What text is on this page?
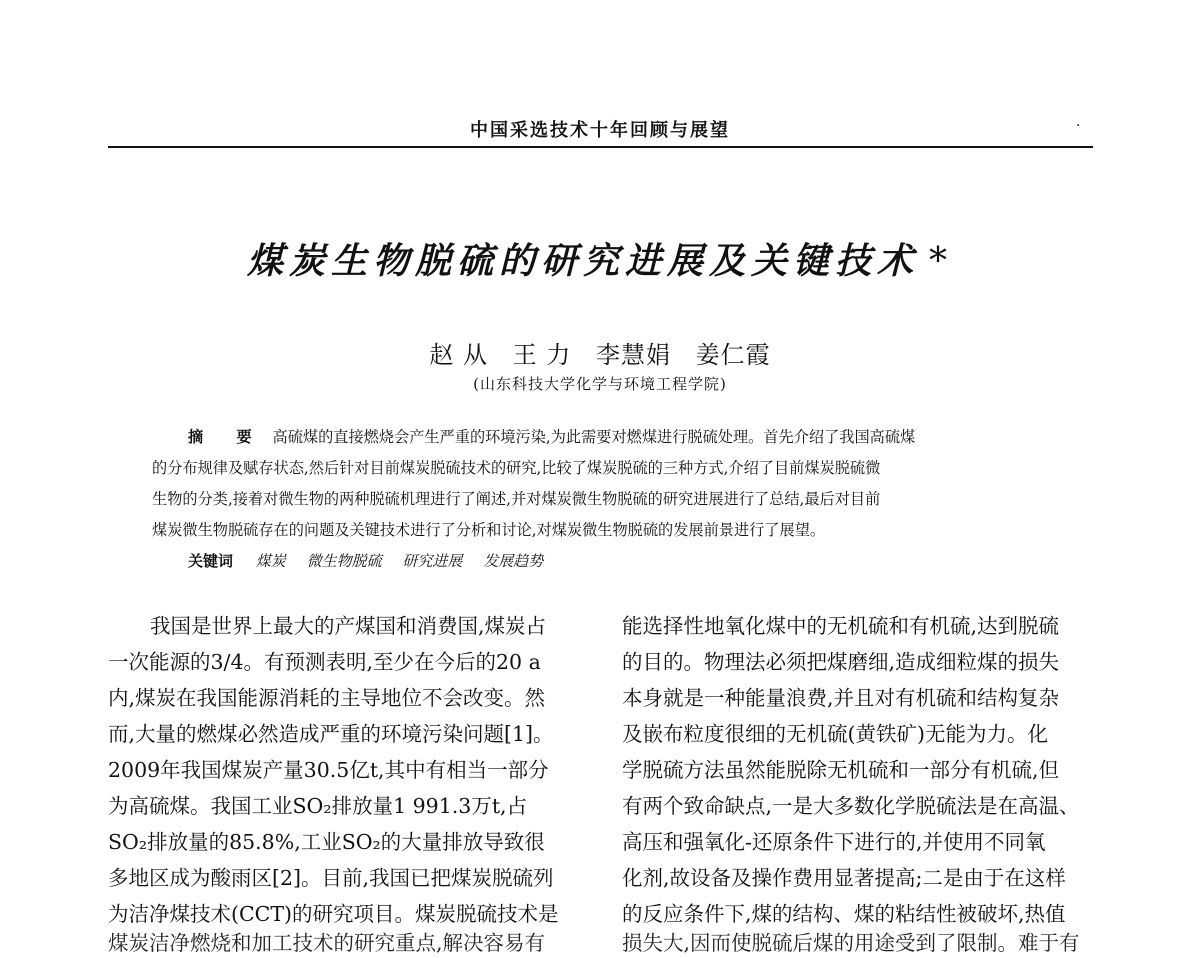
中国采选技术十年回顾与展望	·
煤炭生物脱硫的研究进展及关键技术 *
赵 从 王 力 李慧娟 姜仁霞
(山东科技大学化学与环境工程学院)
摘 要 高硫煤的直接燃烧会产生严重的环境污染,为此需要对燃煤进行脱硫处理。首先介绍了我国高硫煤
的分布规律及赋存状态,然后针对目前煤炭脱硫技术的研究,比较了煤炭脱硫的三种方式,介绍了目前煤炭脱硫微
生物的分类,接着对微生物的两种脱硫机理进行了阐述,并对煤炭微生物脱硫的研究进展进行了总结,最后对目前
煤炭微生物脱硫存在的问题及关键技术进行了分析和讨论,对煤炭微生物脱硫的发展前景进行了展望。
关键词 煤炭 微生物脱硫 研究进展 发展趋势
我国是世界上最大的产煤国和消费国,煤炭占
一次能源的3/4。有预测表明,至少在今后的20 a
内,煤炭在我国能源消耗的主导地位不会改变。然
而,大量的燃煤必然造成严重的环境污染问题[1]。
2009年我国煤炭产量30.5亿t,其中有相当一部分
为高硫煤。我国工业SO₂排放量1 991.3万t,占
SO₂排放量的85.8%,工业SO₂的大量排放导致很
多地区成为酸雨区[2]。目前,我国已把煤炭脱硫列
为洁净煤技术(CCT)的研究项目。煤炭脱硫技术是
煤炭洁净燃烧和加工技术的研究重点,解决容易有
能选择性地氧化煤中的无机硫和有机硫,达到脱硫
的目的。物理法必须把煤磨细,造成细粒煤的损失
本身就是一种能量浪费,并且对有机硫和结构复杂
及嵌布粒度很细的无机硫(黄铁矿)无能为力。化
学脱硫方法虽然能脱除无机硫和一部分有机硫,但
有两个致命缺点,一是大多数化学脱硫法是在高温、
高压和强氧化-还原条件下进行的,并使用不同氧
化剂,故设备及操作费用显著提高;二是由于在这样
的反应条件下,煤的结构、煤的粘结性被破坏,热值
损失大,因而使脱硫后煤的用途受到了限制。难于有
